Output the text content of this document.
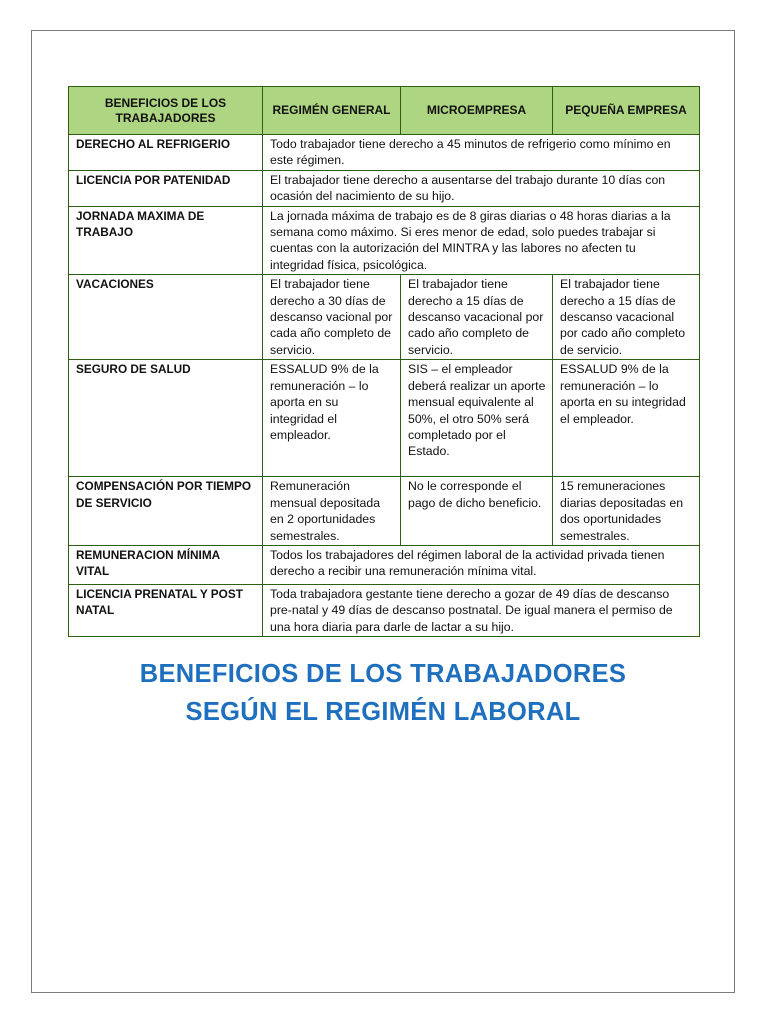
BENEFICIOS DE LOS TRABAJADORES	REGIMÉN GENERAL	MICROEMPRESA	PEQUEÑA EMPRESA
DERECHO AL REFRIGERIO	Todo trabajador tiene derecho a 45 minutos de refrigerio como mínimo en este régimen.		
LICENCIA POR PATENIDAD	El trabajador tiene derecho a ausentarse del trabajo durante 10 días con ocasión del nacimiento de su hijo.		
JORNADA MAXIMA DE TRABAJO	La jornada máxima de trabajo es de 8 giras diarias o 48 horas diarias a la semana como máximo. Si eres menor de edad, solo puedes trabajar si cuentas con la autorización del MINTRA y las labores no afecten tu integridad física, psicológica.		
VACACIONES	El trabajador tiene derecho a 30 días de descanso vacional por cada año completo de servicio.	El trabajador tiene derecho a 15 días de descanso vacacional por cado año completo de servicio.	El trabajador tiene derecho a 15 días de descanso vacacional por cado año completo de servicio.
SEGURO DE SALUD	ESSALUD 9% de la remuneración – lo aporta en su integridad el empleador.	SIS – el empleador deberá realizar un aporte mensual equivalente al 50%, el otro 50% será completado por el Estado.	ESSALUD 9% de la remuneración – lo aporta en su integridad el empleador.
COMPENSACIÓN POR TIEMPO DE SERVICIO	Remuneración mensual depositada en 2 oportunidades semestrales.	No le corresponde el pago de dicho beneficio.	15 remuneraciones diarias depositadas en dos oportunidades semestrales.
REMUNERACION MÍNIMA VITAL	Todos los trabajadores del régimen laboral de la actividad privada tienen derecho a recibir una remuneración mínima vital.		
LICENCIA PRENATAL Y POST NATAL	Toda trabajadora gestante tiene derecho a gozar de 49 días de descanso pre-natal y 49 días de descanso postnatal. De igual manera el permiso de una hora diaria para darle de lactar a su hijo.		
BENEFICIOS DE LOS TRABAJADORES
SEGÚN EL REGIMÉN LABORAL
